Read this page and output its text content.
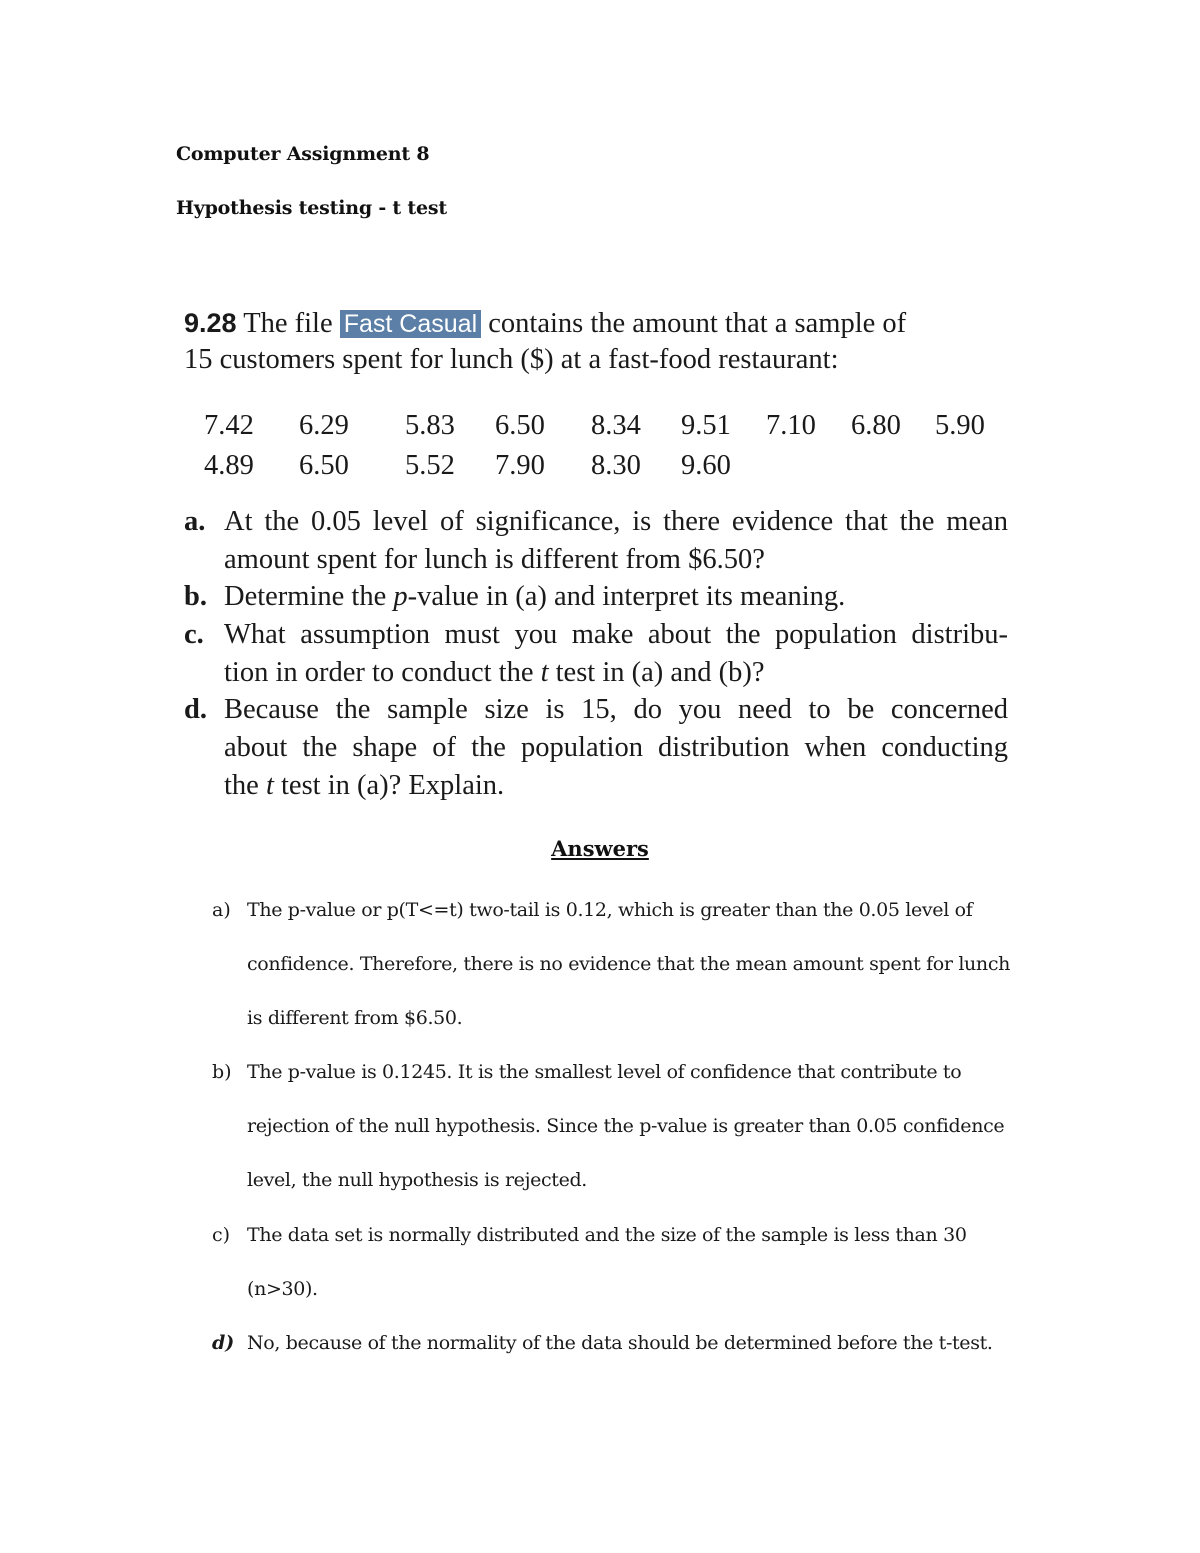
Computer Assignment 8
Hypothesis testing - t test
9.28 The file Fast Casual contains the amount that a sample of
15 customers spent for lunch ($) at a fast-food restaurant:
7.42 6.29 5.83 6.50 8.34 9.51 7.10 6.80 5.90
4.89 6.50 5.52 7.90 8.30 9.60
a. At the 0.05 level of significance, is there evidence that the mean
amount spent for lunch is different from $6.50?
b. Determine the p-value in (a) and interpret its meaning.
c. What assumption must you make about the population distribu-
tion in order to conduct the t test in (a) and (b)?
d. Because the sample size is 15, do you need to be concerned
about the shape of the population distribution when conducting
the t test in (a)? Explain.
Answers
a) The p-value or p(T<=t) two-tail is 0.12, which is greater than the 0.05 level of
confidence. Therefore, there is no evidence that the mean amount spent for lunch
is different from $6.50.
b) The p-value is 0.1245. It is the smallest level of confidence that contribute to
rejection of the null hypothesis. Since the p-value is greater than 0.05 confidence
level, the null hypothesis is rejected.
c) The data set is normally distributed and the size of the sample is less than 30
(n>30).
d) No, because of the normality of the data should be determined before the t-test.
